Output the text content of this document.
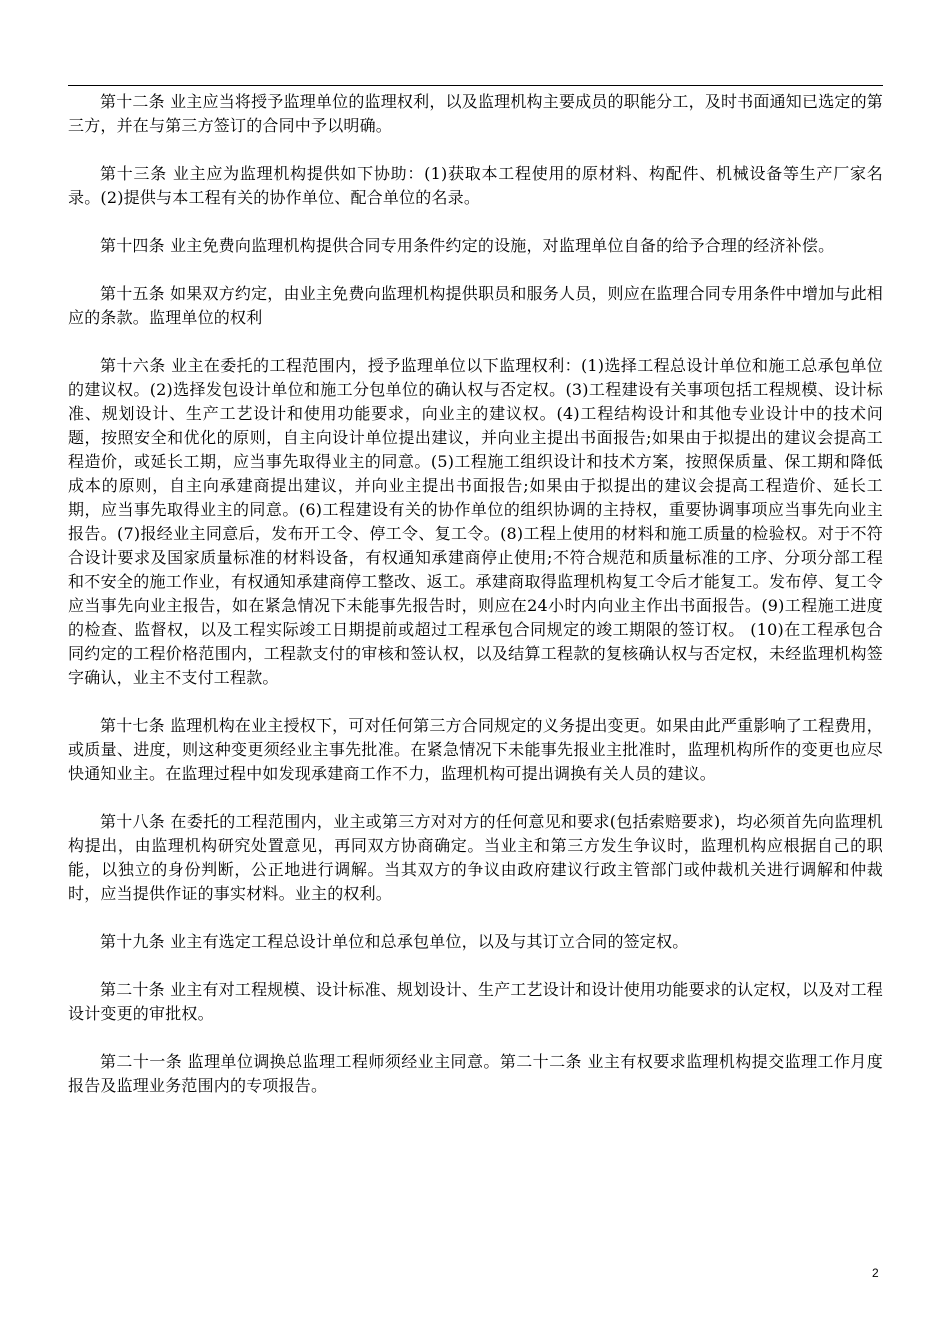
第十二条 业主应当将授予监理单位的监理权利，以及监理机构主要成员的职能分工，及时书面通知已选定的第三方，并在与第三方签订的合同中予以明确。

第十三条 业主应为监理机构提供如下协助：(1)获取本工程使用的原材料、构配件、机械设备等生产厂家名录。(2)提供与本工程有关的协作单位、配合单位的名录。

第十四条 业主免费向监理机构提供合同专用条件约定的设施，对监理单位自备的给予合理的经济补偿。

第十五条 如果双方约定，由业主免费向监理机构提供职员和服务人员，则应在监理合同专用条件中增加与此相应的条款。监理单位的权利

第十六条 业主在委托的工程范围内，授予监理单位以下监理权利：(1)选择工程总设计单位和施工总承包单位的建议权。(2)选择发包设计单位和施工分包单位的确认权与否定权。(3)工程建设有关事项包括工程规模、设计标准、规划设计、生产工艺设计和使用功能要求，向业主的建议权。(4)工程结构设计和其他专业设计中的技术问题，按照安全和优化的原则，自主向设计单位提出建议，并向业主提出书面报告;如果由于拟提出的建议会提高工程造价，或延长工期，应当事先取得业主的同意。(5)工程施工组织设计和技术方案，按照保质量、保工期和降低成本的原则，自主向承建商提出建议，并向业主提出书面报告;如果由于拟提出的建议会提高工程造价、延长工期，应当事先取得业主的同意。(6)工程建设有关的协作单位的组织协调的主持权，重要协调事项应当事先向业主报告。(7)报经业主同意后，发布开工令、停工令、复工令。(8)工程上使用的材料和施工质量的检验权。对于不符合设计要求及国家质量标准的材料设备，有权通知承建商停止使用;不符合规范和质量标准的工序、分项分部工程和不安全的施工作业，有权通知承建商停工整改、返工。承建商取得监理机构复工令后才能复工。发布停、复工令应当事先向业主报告，如在紧急情况下未能事先报告时，则应在24小时内向业主作出书面报告。(9)工程施工进度的检查、监督权，以及工程实际竣工日期提前或超过工程承包合同规定的竣工期限的签订权。 (10)在工程承包合同约定的工程价格范围内，工程款支付的审核和签认权，以及结算工程款的复核确认权与否定权，未经监理机构签字确认，业主不支付工程款。

第十七条 监理机构在业主授权下，可对任何第三方合同规定的义务提出变更。如果由此严重影响了工程费用，或质量、进度，则这种变更须经业主事先批准。在紧急情况下未能事先报业主批准时，监理机构所作的变更也应尽快通知业主。在监理过程中如发现承建商工作不力，监理机构可提出调换有关人员的建议。

第十八条 在委托的工程范围内，业主或第三方对对方的任何意见和要求(包括索赔要求)，均必须首先向监理机构提出，由监理机构研究处置意见，再同双方协商确定。当业主和第三方发生争议时，监理机构应根据自己的职能，以独立的身份判断，公正地进行调解。当其双方的争议由政府建议行政主管部门或仲裁机关进行调解和仲裁时，应当提供作证的事实材料。业主的权利。

第十九条 业主有选定工程总设计单位和总承包单位，以及与其订立合同的签定权。

第二十条 业主有对工程规模、设计标准、规划设计、生产工艺设计和设计使用功能要求的认定权，以及对工程设计变更的审批权。

第二十一条 监理单位调换总监理工程师须经业主同意。第二十二条 业主有权要求监理机构提交监理工作月度报告及监理业务范围内的专项报告。

2
